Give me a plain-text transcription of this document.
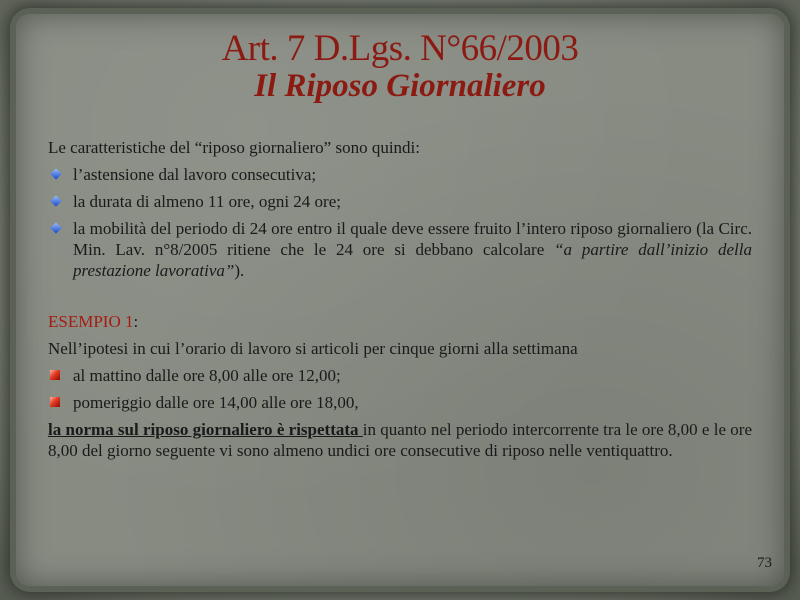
Art. 7 D.Lgs. N°66/2003
Il Riposo Giornaliero

Le caratteristiche del “riposo giornaliero” sono quindi:

l’astensione dal lavoro consecutiva;
la durata di almeno 11 ore, ogni 24 ore;
la mobilità del periodo di 24 ore entro il quale deve essere fruito l’intero riposo giornaliero (la Circ. Min. Lav. n°8/2005 ritiene che le 24 ore si debbano calcolare “a partire dall’inizio della prestazione lavorativa”).

ESEMPIO 1:

Nell’ipotesi in cui l’orario di lavoro si articoli per cinque giorni alla settimana

al mattino dalle ore 8,00 alle ore 12,00;
pomeriggio dalle ore 14,00 alle ore 18,00,

la norma sul riposo giornaliero è rispettata in quanto nel periodo intercorrente tra le ore 8,00 e le ore 8,00 del giorno seguente vi sono almeno undici ore consecutive di riposo nelle ventiquattro.

73
